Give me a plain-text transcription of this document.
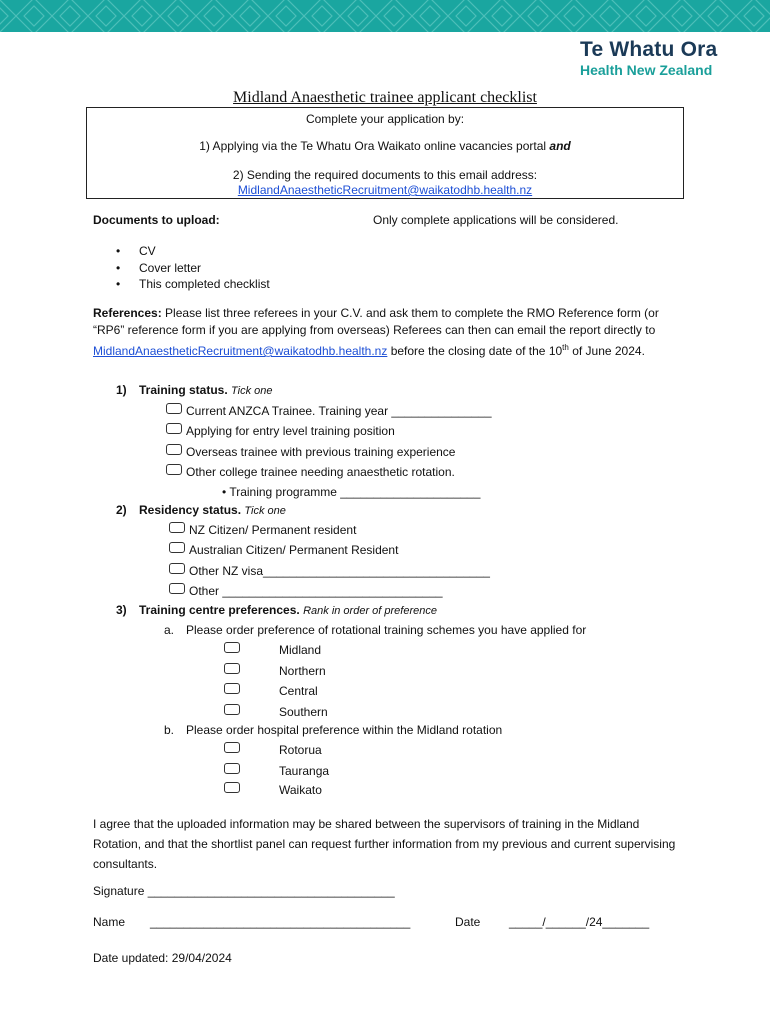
Te Whatu Ora
Health New Zealand
Midland Anaesthetic trainee applicant checklist
Complete your application by:
1) Applying via the Te Whatu Ora Waikato online vacancies portal and
2) Sending the required documents to this email address:
MidlandAnaestheticRecruitment@waikatodhb.health.nz
Documents to upload:	Only complete applications will be considered.
• CV
• Cover letter
• This completed checklist
References: Please list three referees in your C.V. and ask them to complete the RMO Reference form (or “RP6” reference form if you are applying from overseas) Referees can then can email the report directly to MidlandAnaestheticRecruitment@waikatodhb.health.nz before the closing date of the 10th of June 2024.
1) Training status. Tick one
Current ANZCA Trainee. Training year _______________
Applying for entry level training position
Overseas trainee with previous training experience
Other college trainee needing anaesthetic rotation.
• Training programme _____________________
2) Residency status. Tick one
NZ Citizen/ Permanent resident
Australian Citizen/ Permanent Resident
Other NZ visa__________________________________
Other _________________________________
3) Training centre preferences. Rank in order of preference
a. Please order preference of rotational training schemes you have applied for
Midland
Northern
Central
Southern
b. Please order hospital preference within the Midland rotation
Rotorua
Tauranga
Waikato
I agree that the uploaded information may be shared between the supervisors of training in the Midland Rotation, and that the shortlist panel can request further information from my previous and current supervising consultants.
Signature _____________________________________
Name _______________________________________	Date _____/______/24_______
Date updated: 29/04/2024
